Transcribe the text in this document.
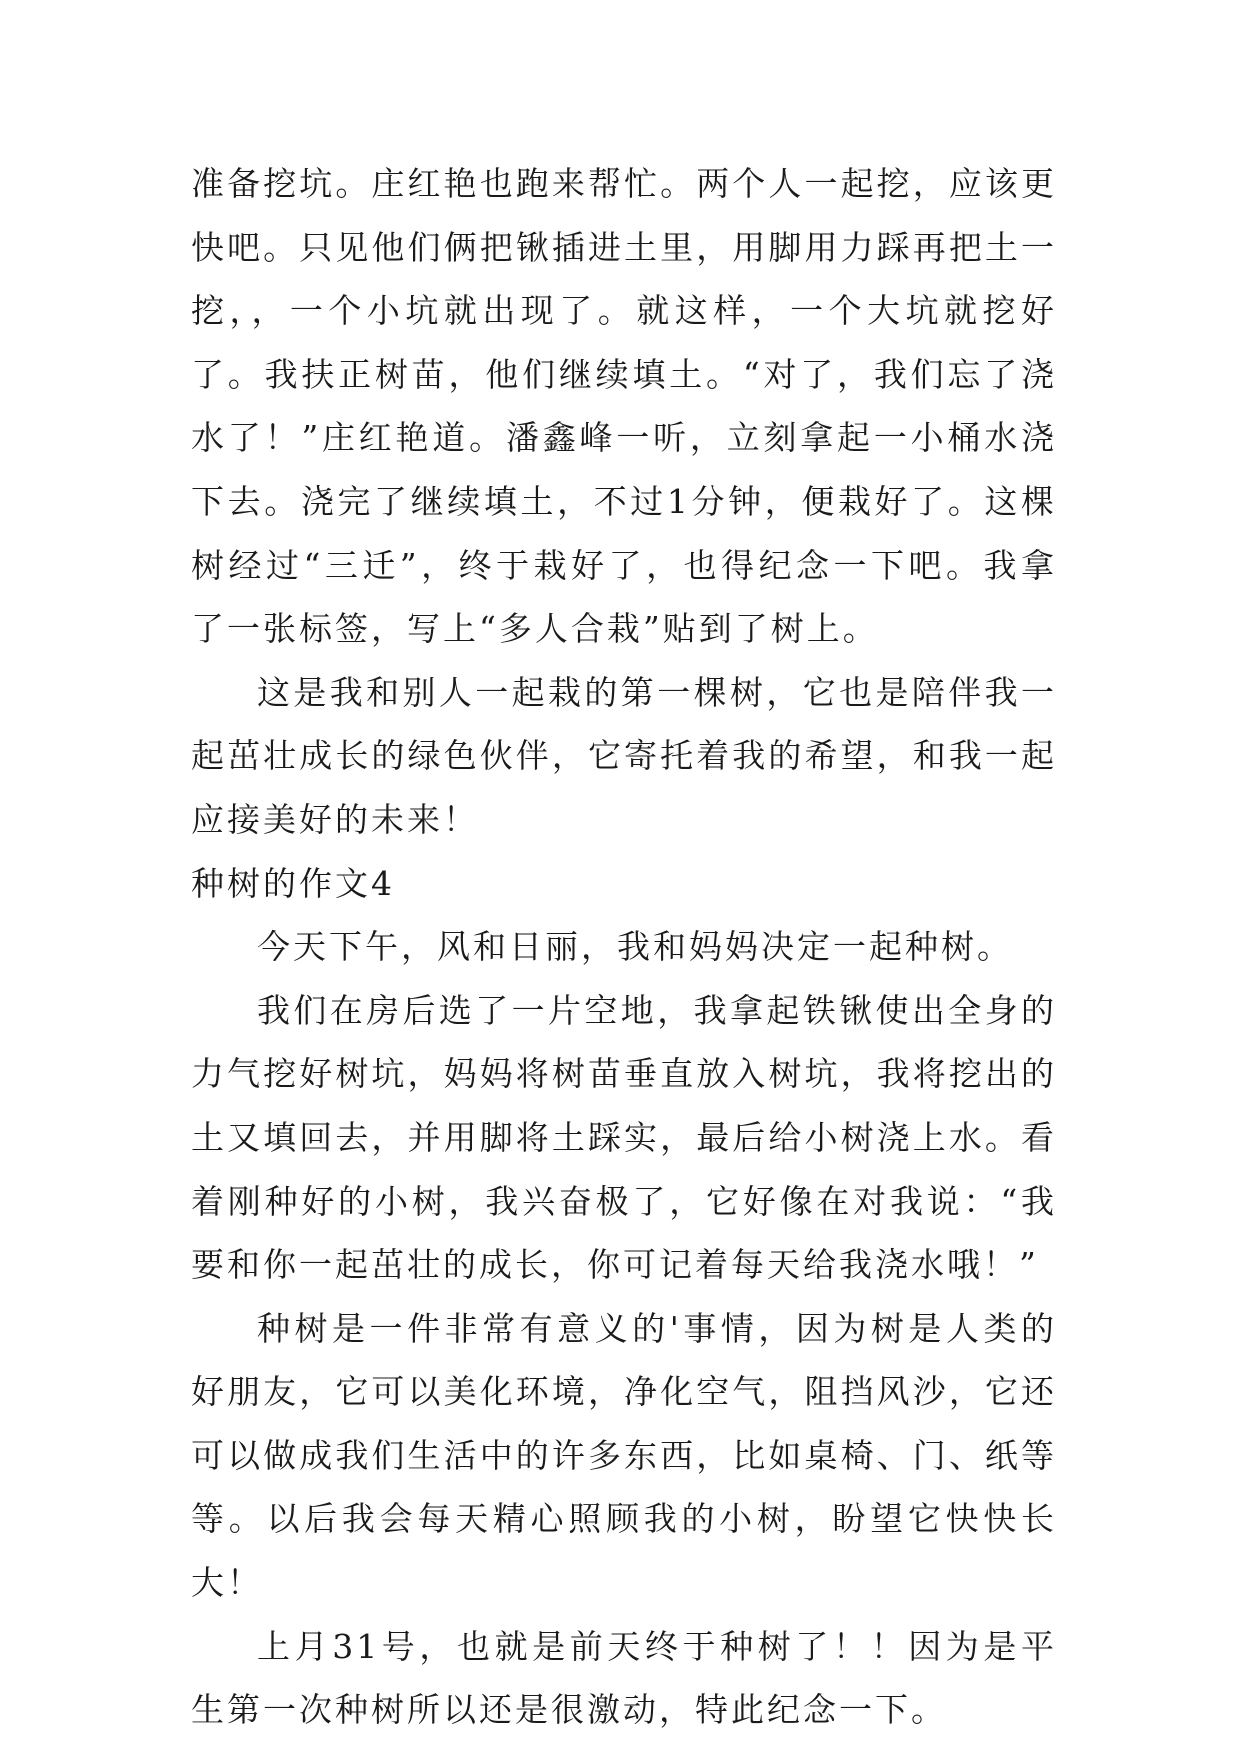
准备挖坑。庄红艳也跑来帮忙。两个人一起挖，应该更快吧。只见他们俩把锹插进土里，用脚用力踩再把土一挖，，一个小坑就出现了。就这样，一个大坑就挖好了。我扶正树苗，他们继续填土。“对了，我们忘了浇水了！”庄红艳道。潘鑫峰一听，立刻拿起一小桶水浇下去。浇完了继续填土，不过1分钟，便栽好了。这棵树经过“三迁”，终于栽好了，也得纪念一下吧。我拿了一张标签，写上“多人合栽”贴到了树上。

这是我和别人一起栽的第一棵树，它也是陪伴我一起茁壮成长的绿色伙伴，它寄托着我的希望，和我一起应接美好的未来！

种树的作文4

今天下午，风和日丽，我和妈妈决定一起种树。

我们在房后选了一片空地，我拿起铁锹使出全身的力气挖好树坑，妈妈将树苗垂直放入树坑，我将挖出的土又填回去，并用脚将土踩实，最后给小树浇上水。看着刚种好的小树，我兴奋极了，它好像在对我说：“我要和你一起茁壮的成长，你可记着每天给我浇水哦！”

种树是一件非常有意义的'事情，因为树是人类的好朋友，它可以美化环境，净化空气，阻挡风沙，它还可以做成我们生活中的许多东西，比如桌椅、门、纸等等。以后我会每天精心照顾我的小树，盼望它快快长大！

上月31号，也就是前天终于种树了！！因为是平生第一次种树所以还是很激动，特此纪念一下。
